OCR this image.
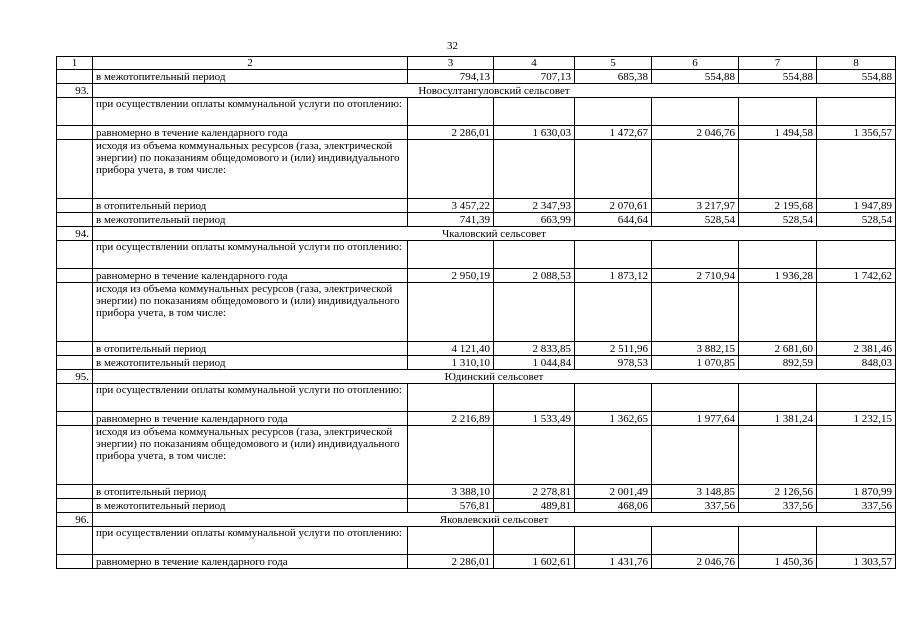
32
1	2	3	4	5	6	7	8
	в межотопительный период	794,13	707,13	685,38	554,88	554,88	554,88
93.	Новосултангуловский сельсовет						
	при осуществлении оплаты коммунальной услуги по отоплению:						
	равномерно в течение календарного года	2 286,01	1 630,03	1 472,67	2 046,76	1 494,58	1 356,57
	исходя из объема коммунальных ресурсов (газа, электрической энергии) по показаниям общедомового и (или) индивидуального прибора учета, в том числе:						
	в отопительный период	3 457,22	2 347,93	2 070,61	3 217,97	2 195,68	1 947,89
	в межотопительный период	741,39	663,99	644,64	528,54	528,54	528,54
94.	Чкаловский сельсовет						
	при осуществлении оплаты коммунальной услуги по отоплению:						
	равномерно в течение календарного года	2 950,19	2 088,53	1 873,12	2 710,94	1 936,28	1 742,62
	исходя из объема коммунальных ресурсов (газа, электрической энергии) по показаниям общедомового и (или) индивидуального прибора учета, в том числе:						
	в отопительный период	4 121,40	2 833,85	2 511,96	3 882,15	2 681,60	2 381,46
	в межотопительный период	1 310,10	1 044,84	978,53	1 070,85	892,59	848,03
95.	Юдинский сельсовет						
	при осуществлении оплаты коммунальной услуги по отоплению:						
	равномерно в течение календарного года	2 216,89	1 533,49	1 362,65	1 977,64	1 381,24	1 232,15
	исходя из объема коммунальных ресурсов (газа, электрической энергии) по показаниям общедомового и (или) индивидуального прибора учета, в том числе:						
	в отопительный период	3 388,10	2 278,81	2 001,49	3 148,85	2 126,56	1 870,99
	в межотопительный период	576,81	489,81	468,06	337,56	337,56	337,56
96.	Яковлевский сельсовет						
	при осуществлении оплаты коммунальной услуги по отоплению:						
	равномерно в течение календарного года	2 286,01	1 602,61	1 431,76	2 046,76	1 450,36	1 303,57
